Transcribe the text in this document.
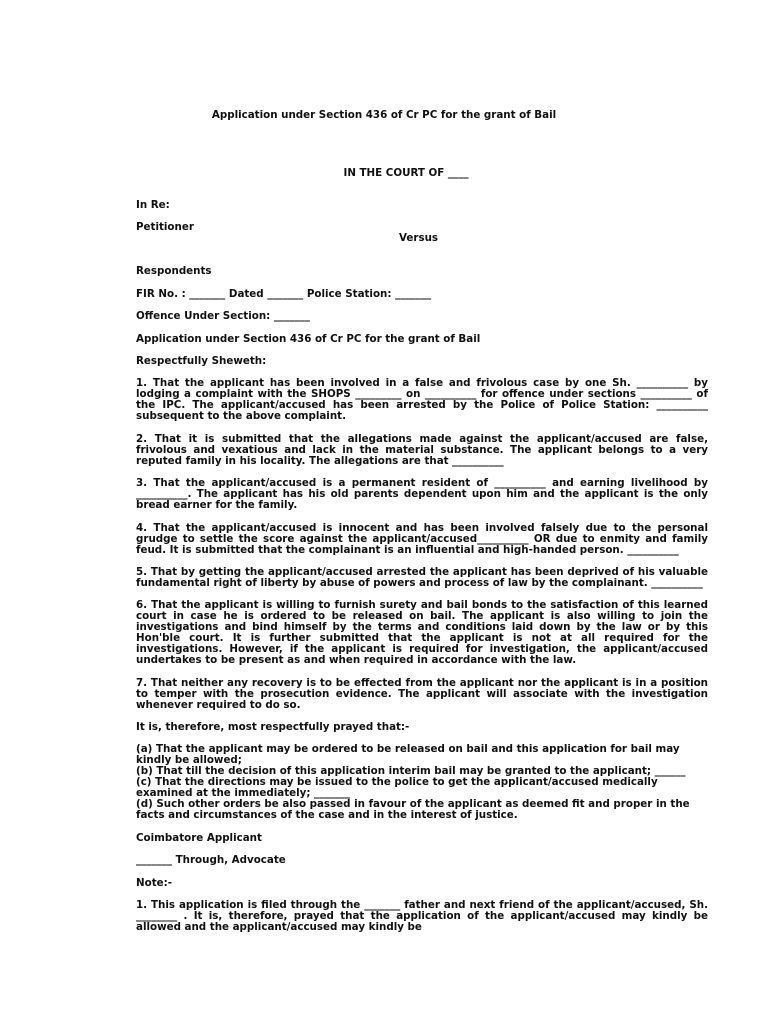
Application under Section 436 of Cr PC for the grant of Bail
IN THE COURT OF ____
In Re:
Petitioner
Versus
Respondents
FIR No. : _______ Dated _______ Police Station: _______
Offence Under Section: _______
Application under Section 436 of Cr PC for the grant of Bail
Respectfully Sheweth:
1. That the applicant has been involved in a false and frivolous case by one Sh. __________ by lodging a complaint with the SHOPS _________ on __________ for offence under sections __________ of the IPC. The applicant/accused has been arrested by the Police of Police Station: __________ subsequent to the above complaint.
2. That it is submitted that the allegations made against the applicant/accused are false, frivolous and vexatious and lack in the material substance. The applicant belongs to a very reputed family in his locality. The allegations are that __________
3. That the applicant/accused is a permanent resident of __________ and earning livelihood by __________. The applicant has his old parents dependent upon him and the applicant is the only bread earner for the family.
4. That the applicant/accused is innocent and has been involved falsely due to the personal grudge to settle the score against the applicant/accused__________ OR due to enmity and family feud. It is submitted that the complainant is an influential and high-handed person. __________
5. That by getting the applicant/accused arrested the applicant has been deprived of his valuable fundamental right of liberty by abuse of powers and process of law by the complainant. __________
6. That the applicant is willing to furnish surety and bail bonds to the satisfaction of this learned court in case he is ordered to be released on bail. The applicant is also willing to join the investigations and bind himself by the terms and conditions laid down by the law or by this Hon'ble court. It is further submitted that the applicant is not at all required for the investigations. However, if the applicant is required for investigation, the applicant/accused undertakes to be present as and when required in accordance with the law.
7. That neither any recovery is to be effected from the applicant nor the applicant is in a position to temper with the prosecution evidence. The applicant will associate with the investigation whenever required to do so.
It is, therefore, most respectfully prayed that:-
(a) That the applicant may be ordered to be released on bail and this application for bail may kindly be allowed;
(b) That till the decision of this application interim bail may be granted to the applicant; ______
(c) That the directions may be issued to the police to get the applicant/accused medically examined at the immediately; _______
(d) Such other orders be also passed in favour of the applicant as deemed fit and proper in the facts and circumstances of the case and in the interest of justice.
Coimbatore Applicant
_______ Through, Advocate
Note:-
1. This application is filed through the _______ father and next friend of the applicant/accused, Sh. ________ . It is, therefore, prayed that the application of the applicant/accused may kindly be allowed and the applicant/accused may kindly be
